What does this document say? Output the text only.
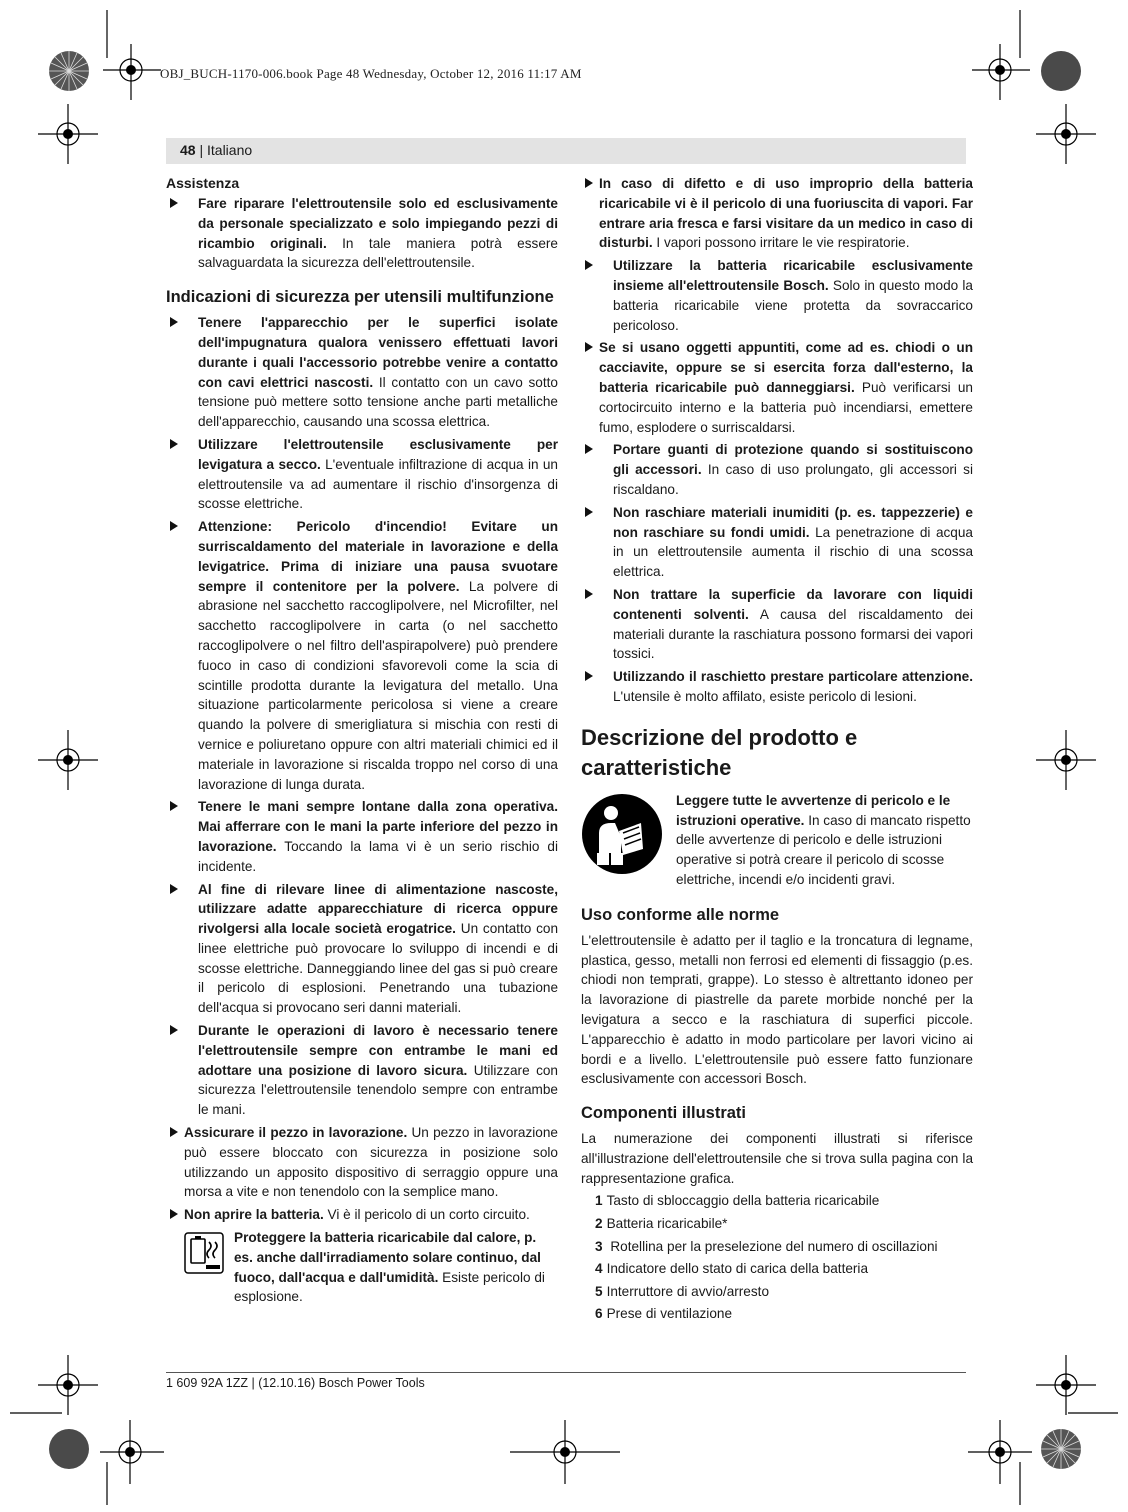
OBJ_BUCH-1170-006.book Page 48 Wednesday, October 12, 2016 11:17 AM
48 | Italiano
Assistenza
Fare riparare l'elettroutensile solo ed esclusivamente da personale specializzato e solo impiegando pezzi di ricambio originali. In tale maniera potrà essere salvaguardata la sicurezza dell'elettroutensile.
Indicazioni di sicurezza per utensili multifunzione
Tenere l'apparecchio per le superfici isolate dell'impugnatura qualora venissero effettuati lavori durante i quali l'accessorio potrebbe venire a contatto con cavi elettrici nascosti. Il contatto con un cavo sotto tensione può mettere sotto tensione anche parti metalliche dell'apparecchio, causando una scossa elettrica.
Utilizzare l'elettroutensile esclusivamente per levigatura a secco. L'eventuale infiltrazione di acqua in un elettroutensile va ad aumentare il rischio d'insorgenza di scosse elettriche.
Attenzione: Pericolo d'incendio! Evitare un surriscaldamento del materiale in lavorazione e della levigatrice. Prima di iniziare una pausa svuotare sempre il contenitore per la polvere. La polvere di abrasione nel sacchetto raccoglipolvere, nel Microfilter, nel sacchetto raccoglipolvere in carta (o nel sacchetto raccoglipolvere o nel filtro dell'aspirapolvere) può prendere fuoco in caso di condizioni sfavorevoli come la scia di scintille prodotta durante la levigatura del metallo. Una situazione particolarmente pericolosa si viene a creare quando la polvere di smerigliatura si mischia con resti di vernice e poliuretano oppure con altri materiali chimici ed il materiale in lavorazione si riscalda troppo nel corso di una lavorazione di lunga durata.
Tenere le mani sempre lontane dalla zona operativa. Mai afferrare con le mani la parte inferiore del pezzo in lavorazione. Toccando la lama vi è un serio rischio di incidente.
Al fine di rilevare linee di alimentazione nascoste, utilizzare adatte apparecchiature di ricerca oppure rivolgersi alla locale società erogatrice. Un contatto con linee elettriche può provocare lo sviluppo di incendi e di scosse elettriche. Danneggiando linee del gas si può creare il pericolo di esplosioni. Penetrando una tubazione dell'acqua si provocano seri danni materiali.
Durante le operazioni di lavoro è necessario tenere l'elettroutensile sempre con entrambe le mani ed adottare una posizione di lavoro sicura. Utilizzare con sicurezza l'elettroutensile tenendolo sempre con entrambe le mani.
Assicurare il pezzo in lavorazione. Un pezzo in lavorazione può essere bloccato con sicurezza in posizione solo utilizzando un apposito dispositivo di serraggio oppure una morsa a vite e non tenendolo con la semplice mano.
Non aprire la batteria. Vi è il pericolo di un corto circuito.
Proteggere la batteria ricaricabile dal calore, p. es. anche dall'irradiamento solare continuo, dal fuoco, dall'acqua e dall'umidità. Esiste pericolo di esplosione.
In caso di difetto e di uso improprio della batteria ricaricabile vi è il pericolo di una fuoriuscita di vapori. Far entrare aria fresca e farsi visitare da un medico in caso di disturbi. I vapori possono irritare le vie respiratorie.
Utilizzare la batteria ricaricabile esclusivamente insieme all'elettroutensile Bosch. Solo in questo modo la batteria ricaricabile viene protetta da sovraccarico pericoloso.
Se si usano oggetti appuntiti, come ad es. chiodi o un cacciavite, oppure se si esercita forza dall'esterno, la batteria ricaricabile può danneggiarsi. Può verificarsi un cortocircuito interno e la batteria può incendiarsi, emettere fumo, esplodere o surriscaldarsi.
Portare guanti di protezione quando si sostituiscono gli accessori. In caso di uso prolungato, gli accessori si riscaldano.
Non raschiare materiali inumiditi (p. es. tappezzerie) e non raschiare su fondi umidi. La penetrazione di acqua in un elettroutensile aumenta il rischio di una scossa elettrica.
Non trattare la superficie da lavorare con liquidi contenenti solventi. A causa del riscaldamento dei materiali durante la raschiatura possono formarsi dei vapori tossici.
Utilizzando il raschietto prestare particolare attenzione. L'utensile è molto affilato, esiste pericolo di lesioni.
Descrizione del prodotto e caratteristiche
Leggere tutte le avvertenze di pericolo e le istruzioni operative. In caso di mancato rispetto delle avvertenze di pericolo e delle istruzioni operative si potrà creare il pericolo di scosse elettriche, incendi e/o incidenti gravi.
Uso conforme alle norme
L'elettroutensile è adatto per il taglio e la troncatura di legname, plastica, gesso, metalli non ferrosi ed elementi di fissaggio (p.es. chiodi non temprati, grappe). Lo stesso è altrettanto idoneo per la lavorazione di piastrelle da parete morbide nonché per la levigatura a secco e la raschiatura di superfici piccole. L'apparecchio è adatto in modo particolare per lavori vicino ai bordi e a livello. L'elettroutensile può essere fatto funzionare esclusivamente con accessori Bosch.
Componenti illustrati
La numerazione dei componenti illustrati si riferisce all'illustrazione dell'elettroutensile che si trova sulla pagina con la rappresentazione grafica.
1 Tasto di sbloccaggio della batteria ricaricabile
2 Batteria ricaricabile*
3 Rotellina per la preselezione del numero di oscillazioni
4 Indicatore dello stato di carica della batteria
5 Interruttore di avvio/arresto
6 Prese di ventilazione
1 609 92A 1ZZ | (12.10.16) Bosch Power Tools
